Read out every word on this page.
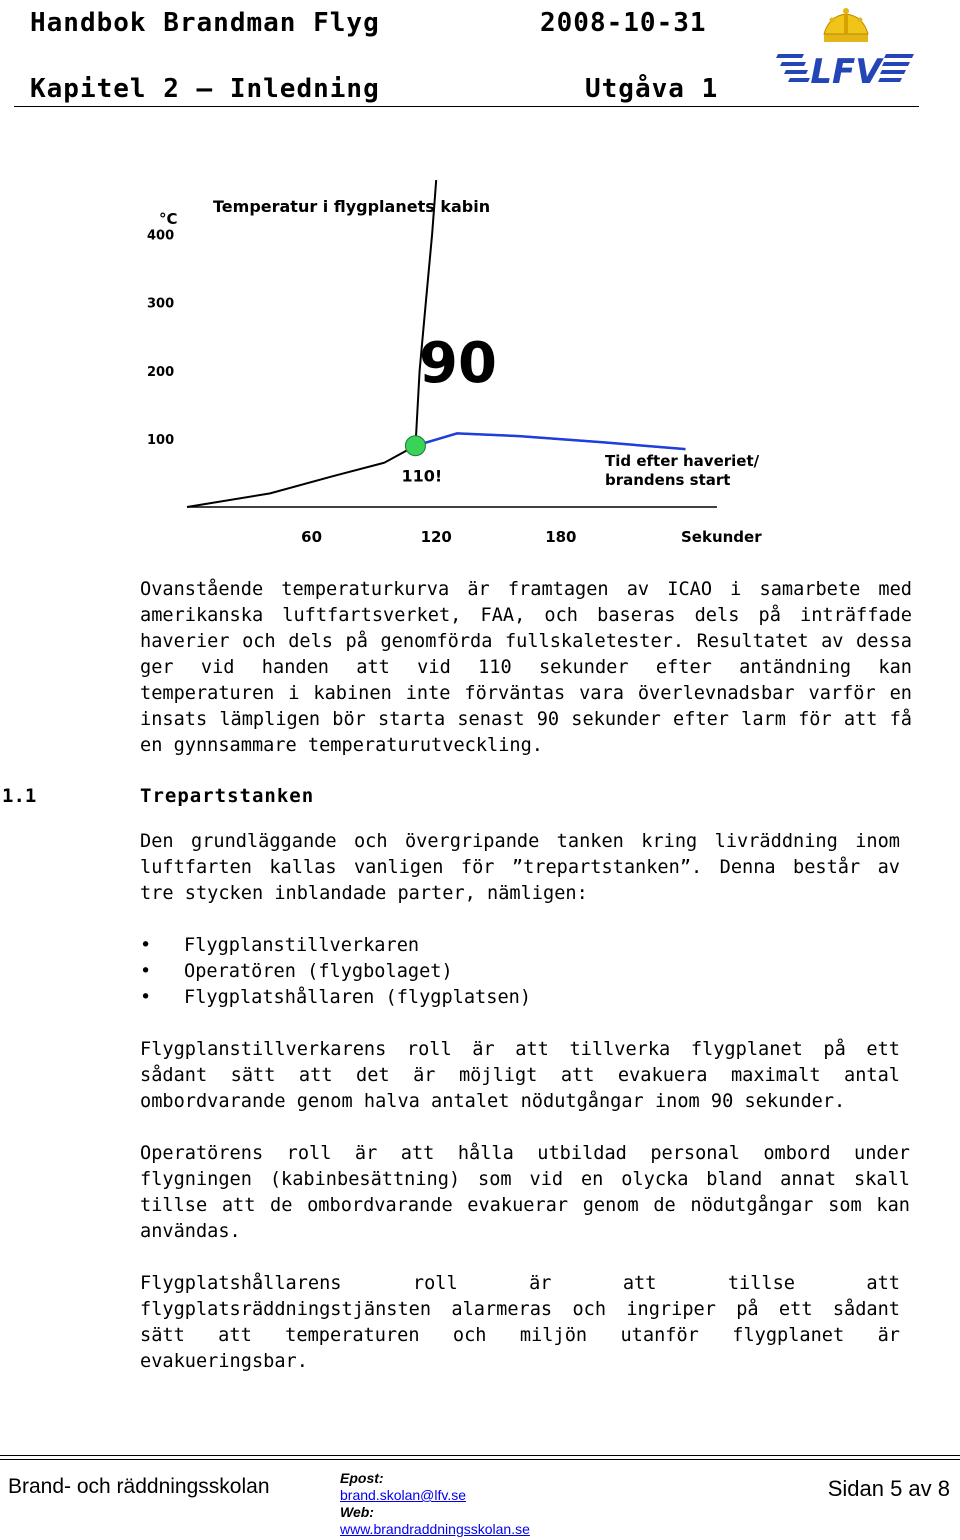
Handbok Brandman Flyg	2008-10-31
Kapitel 2 — Inledning	Utgåva 1	LFV
Temperatur i flygplanets kabin
°C
100
200
300
400
60	120	180	Sekunder
110!
90
Tid efter haveriet/
brandens start
Ovanstående temperaturkurva är framtagen av ICAO i samarbete med amerikanska luftfartsverket, FAA, och baseras dels på inträffade haverier och dels på genomförda fullskaletester. Resultatet av dessa ger vid handen att vid 110 sekunder efter antändning kan temperaturen i kabinen inte förväntas vara överlevnadsbar varför en insats lämpligen bör starta senast 90 sekunder efter larm för att få en gynnsammare temperaturutveckling.
1.1	Trepartstanken
Den grundläggande och övergripande tanken kring livräddning inom luftfarten kallas vanligen för ”trepartstanken”. Denna består av tre stycken inblandade parter, nämligen:
• Flygplanstillverkaren
• Operatören (flygbolaget)
• Flygplatshållaren (flygplatsen)
Flygplanstillverkarens roll är att tillverka flygplanet på ett sådant sätt att det är möjligt att evakuera maximalt antal ombordvarande genom halva antalet nödutgångar inom 90 sekunder.
Operatörens roll är att hålla utbildad personal ombord under flygningen (kabinbesättning) som vid en olycka bland annat skall tillse att de ombordvarande evakuerar genom de nödutgångar som kan användas.
Flygplatshållarens roll är att tillse att flygplatsräddningstjänsten alarmeras och ingriper på ett sådant sätt att temperaturen och miljön utanför flygplanet är evakueringsbar.
Brand- och räddningsskolan	Epost:
brand.skolan@lfv.se
Web:
www.brandraddningsskolan.se
Sidan 5 av 8
